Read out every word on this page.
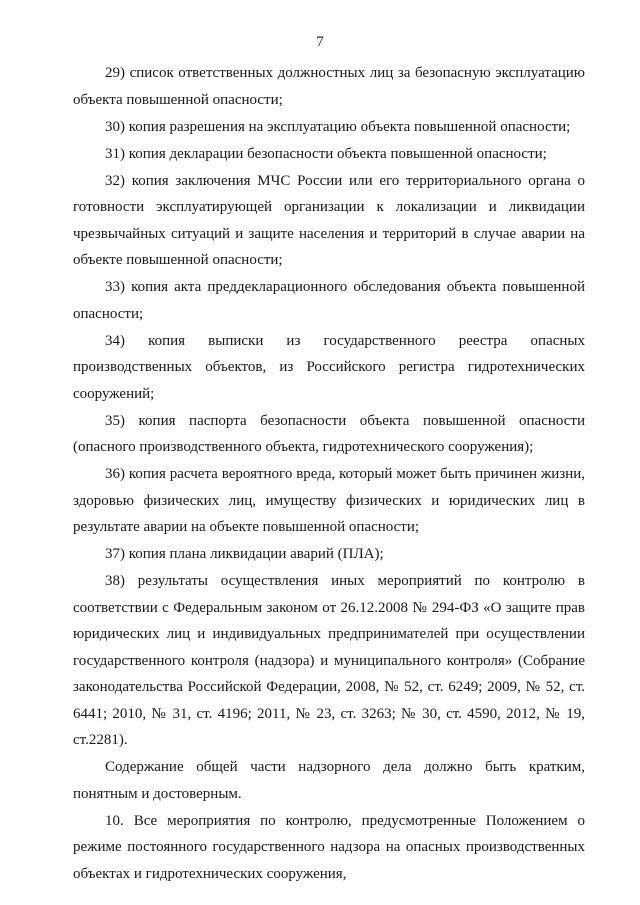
7

29) список ответственных должностных лиц за безопасную эксплуатацию объекта повышенной опасности;

30) копия разрешения на эксплуатацию объекта повышенной опасности;

31) копия декларации безопасности объекта повышенной опасности;

32) копия заключения МЧС России или его территориального органа о готовности эксплуатирующей организации к локализации и ликвидации чрезвычайных ситуаций и защите населения и территорий в случае аварии на объекте повышенной опасности;

33) копия акта преддекларационного обследования объекта повышенной опасности;

34) копия выписки из государственного реестра опасных производственных объектов, из Российского регистра гидротехнических сооружений;

35) копия паспорта безопасности объекта повышенной опасности (опасного производственного объекта, гидротехнического сооружения);

36) копия расчета вероятного вреда, который может быть причинен жизни, здоровью физических лиц, имуществу физических и юридических лиц в результате аварии на объекте повышенной опасности;

37) копия плана ликвидации аварий (ПЛА);

38) результаты осуществления иных мероприятий по контролю в соответствии с Федеральным законом от 26.12.2008 № 294-ФЗ «О защите прав юридических лиц и индивидуальных предпринимателей при осуществлении государственного контроля (надзора) и муниципального контроля» (Собрание законодательства Российской Федерации, 2008, № 52, ст. 6249; 2009, № 52, ст. 6441; 2010, № 31, ст. 4196; 2011, № 23, ст. 3263; № 30, ст. 4590, 2012, № 19, ст.2281).

Содержание общей части надзорного дела должно быть кратким, понятным и достоверным.

10. Все мероприятия по контролю, предусмотренные Положением о режиме постоянного государственного надзора на опасных производственных объектах и гидротехнических сооружения,
